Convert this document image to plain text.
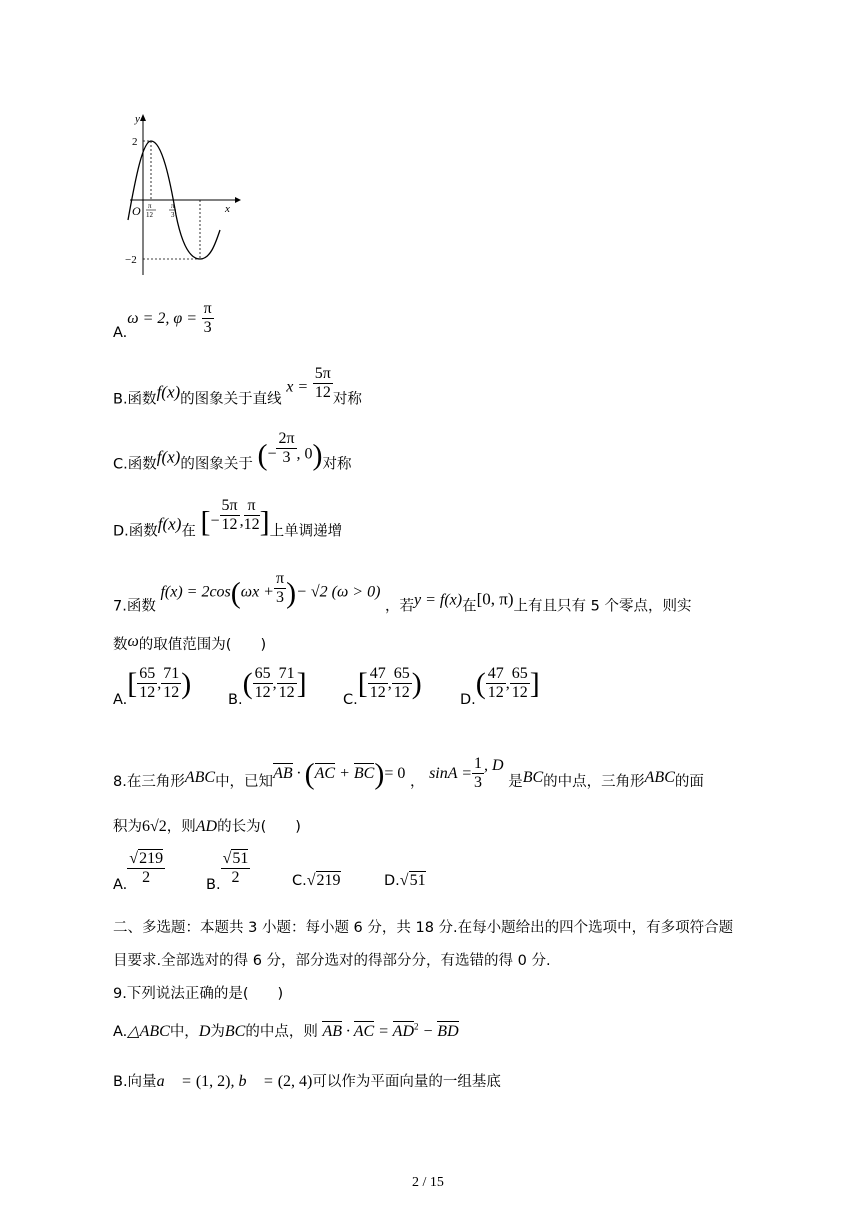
y
x
O
2
−2
π
12
π
3
A.ω = 2, $\varphi = \frac{\pi}{3}$
B.函数f(x)的图象关于直线 $x = \frac{5\pi}{12}$ 对称
C.函数f(x)的图象关于 (− $\frac{2\pi}{3}$ , 0)对称
D.函数f(x)在 [− $\frac{5\pi}{12}$ , $\frac{\pi}{12}$ ]上单调递增
7.函数 $f(x) = 2\cos(\omega x + \frac{\pi}{3}$ )− √2 (ω > 0) ，若y = f(x)在[0, π)上有且只有 5 个零点，则实
数ω的取值范围为(　　)
$A.[ \frac{65}{12}$ , $\frac{71}{12}$ )	$B.( \frac{65}{12}$ , $\frac{71}{12}$ ]	$C.[ \frac{47}{12}$ , $\frac{65}{12}$ )	$D.( \frac{47}{12}$ , $\frac{65}{12}$ ]
8.在三角形ABC中，已知AB · (AC + BC)= 0 ， $\sin A = \frac{1}{3}$ , D 是BC的中点，三角形ABC的面
积为6√2，则AD的长为(　　)
A. $\frac{√219}{2}$	B. $\frac{√51}{2}$	C.√219	D.√51
二、多选题：本题共 3 小题：每小题 6 分，共 18 分.在每小题给出的四个选项中，有多项符合题
目要求.全部选对的得 6 分，部分选对的得部分分，有选错的得 0 分.
9.下列说法正确的是(　　)
A.△ABC中，D为BC的中点，则 AB · AC = $AD^2$ − BD
B.向量a⃗ = (1, 2), b⃗ = (2, 4)可以作为平面向量的一组基底
2 / 15
